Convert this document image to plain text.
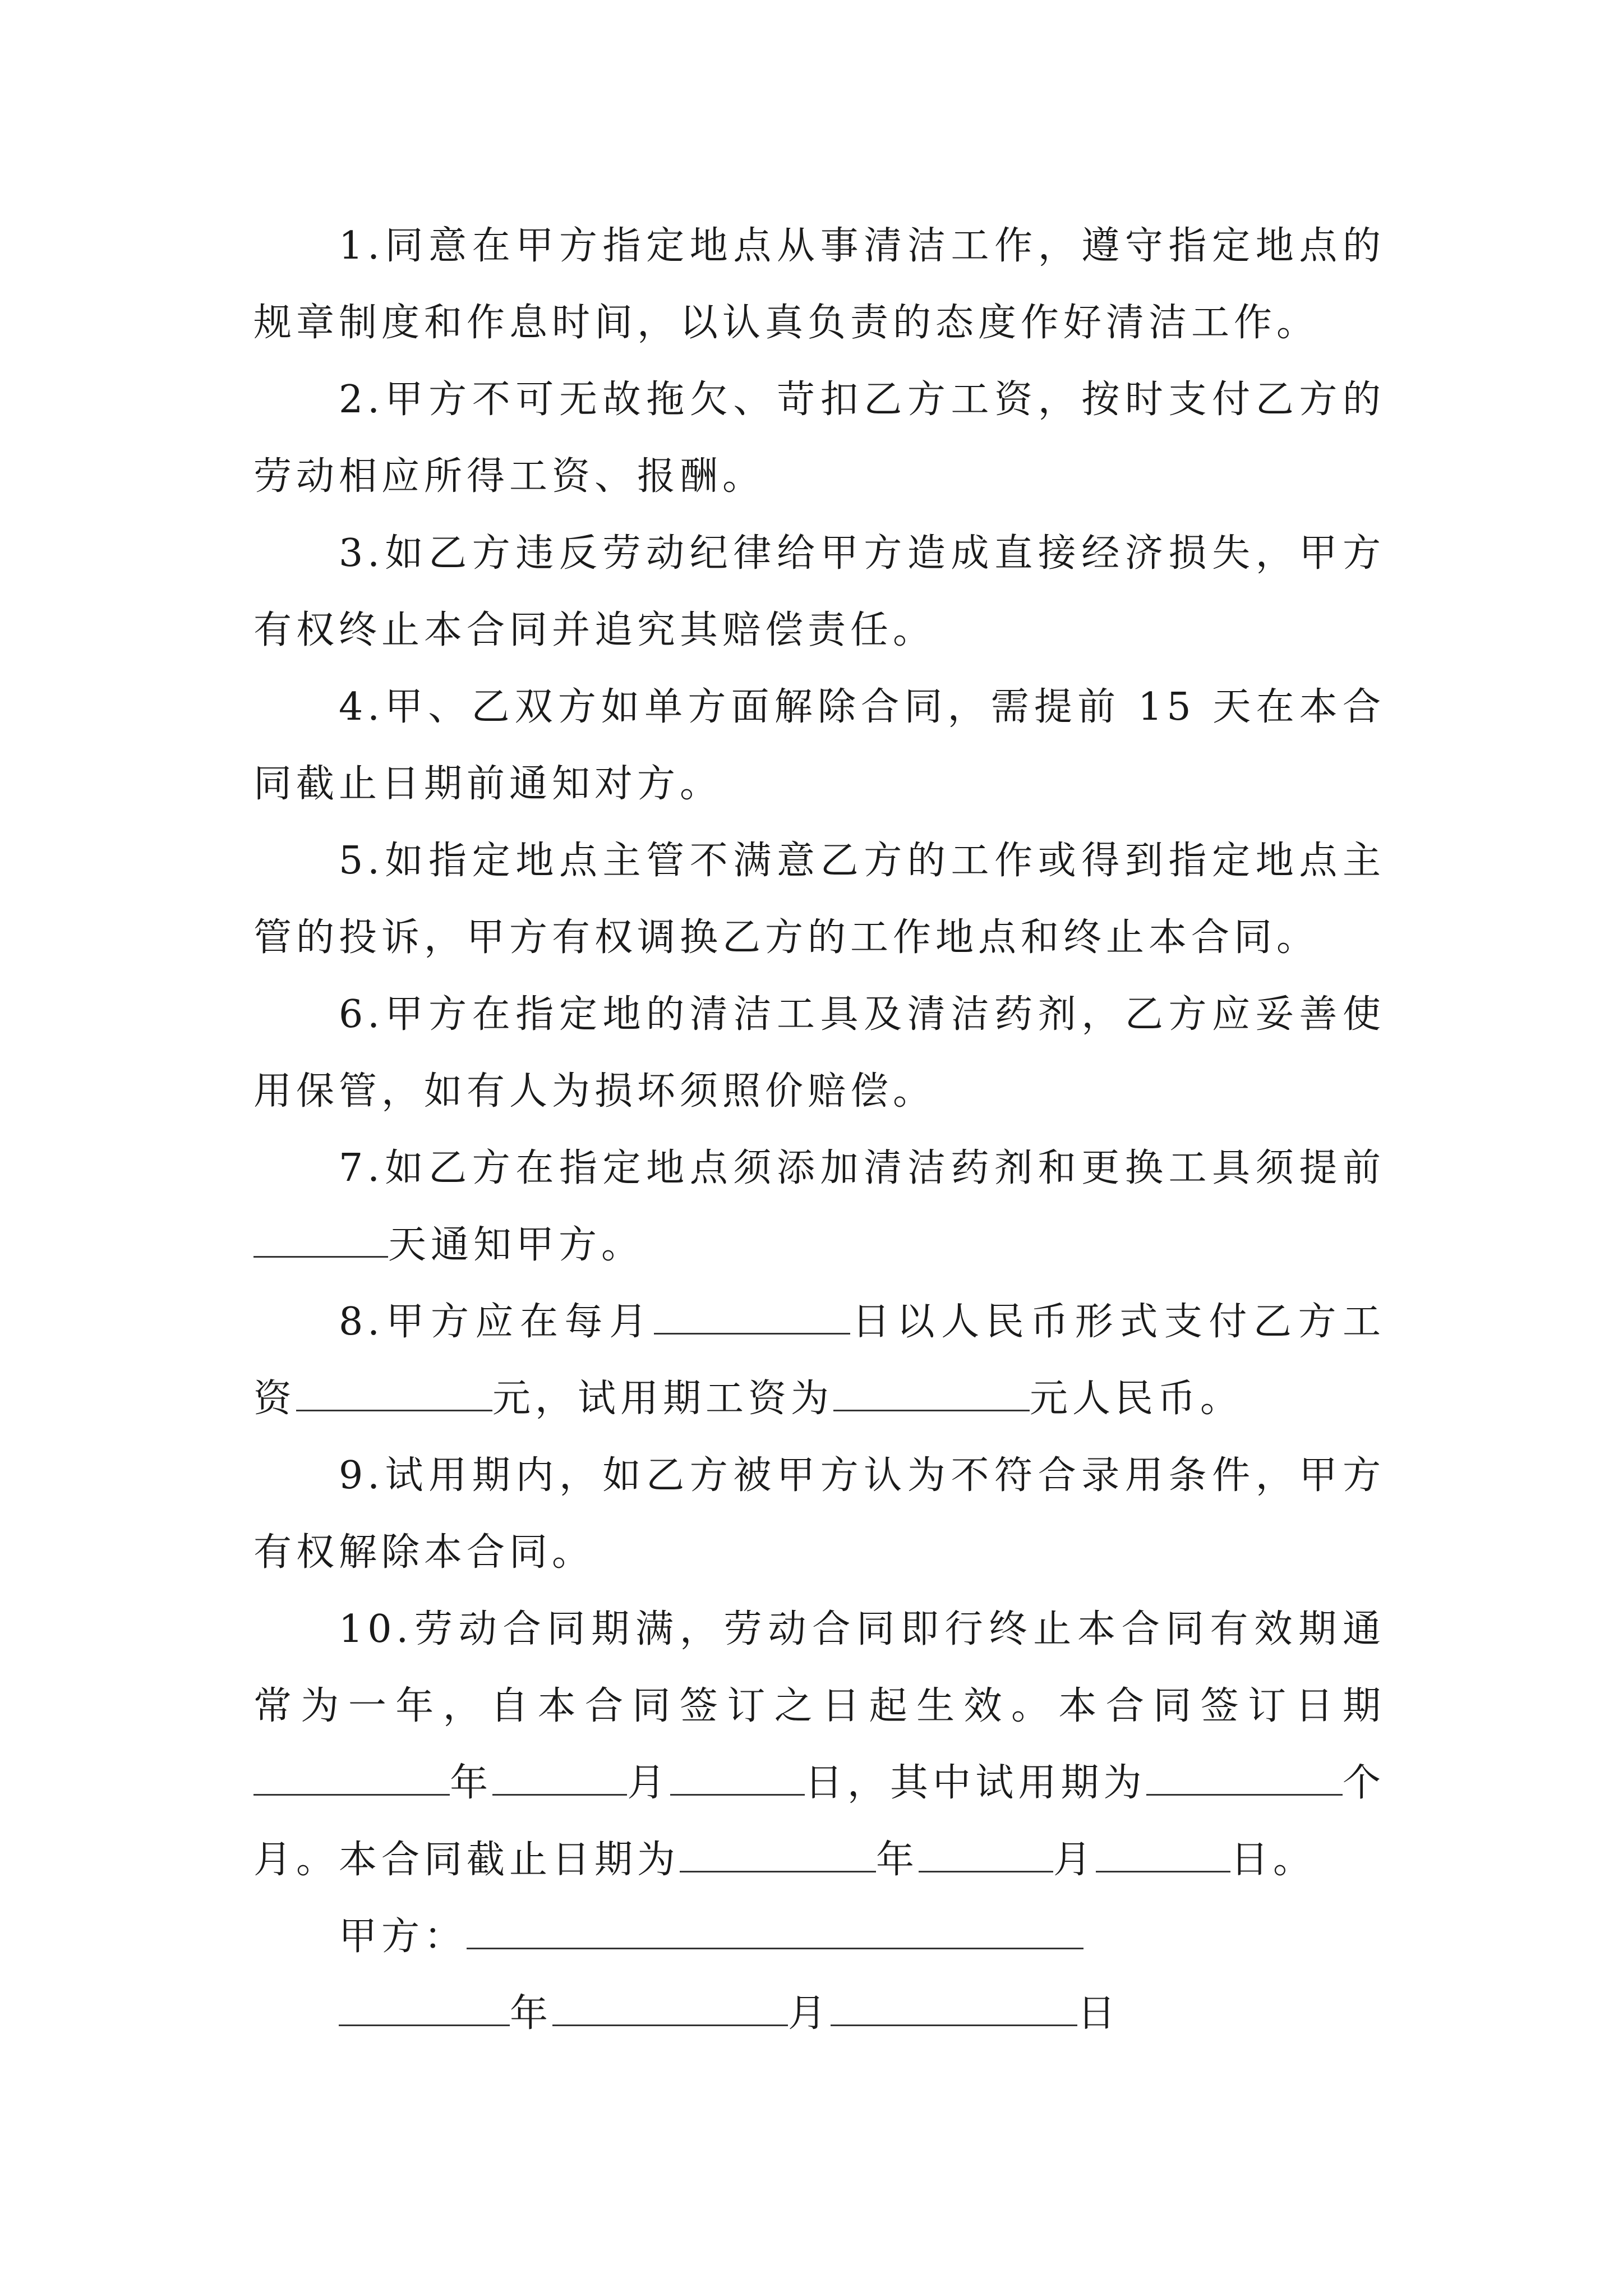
1.同意在甲方指定地点从事清洁工作，遵守指定地点的规章制度和作息时间，以认真负责的态度作好清洁工作。

2.甲方不可无故拖欠、苛扣乙方工资，按时支付乙方的劳动相应所得工资、报酬。

3.如乙方违反劳动纪律给甲方造成直接经济损失，甲方有权终止本合同并追究其赔偿责任。

4.甲、乙双方如单方面解除合同，需提前 15 天在本合同截止日期前通知对方。

5.如指定地点主管不满意乙方的工作或得到指定地点主管的投诉，甲方有权调换乙方的工作地点和终止本合同。

6.甲方在指定地的清洁工具及清洁药剂，乙方应妥善使用保管，如有人为损坏须照价赔偿。

7.如乙方在指定地点须添加清洁药剂和更换工具须提前天通知甲方。

8.甲方应在每月	日以人民币形式支付乙方工资	元，试用期工资为	元人民币。

9.试用期内，如乙方被甲方认为不符合录用条件，甲方有权解除本合同。

10.劳动合同期满，劳动合同即行终止本合同有效期通常为一年，自本合同签订之日起生效。本合同签订日期年	月	日，其中试用期为	个月。本合同截止日期为	年	月	日。

甲方：

年	月	日
